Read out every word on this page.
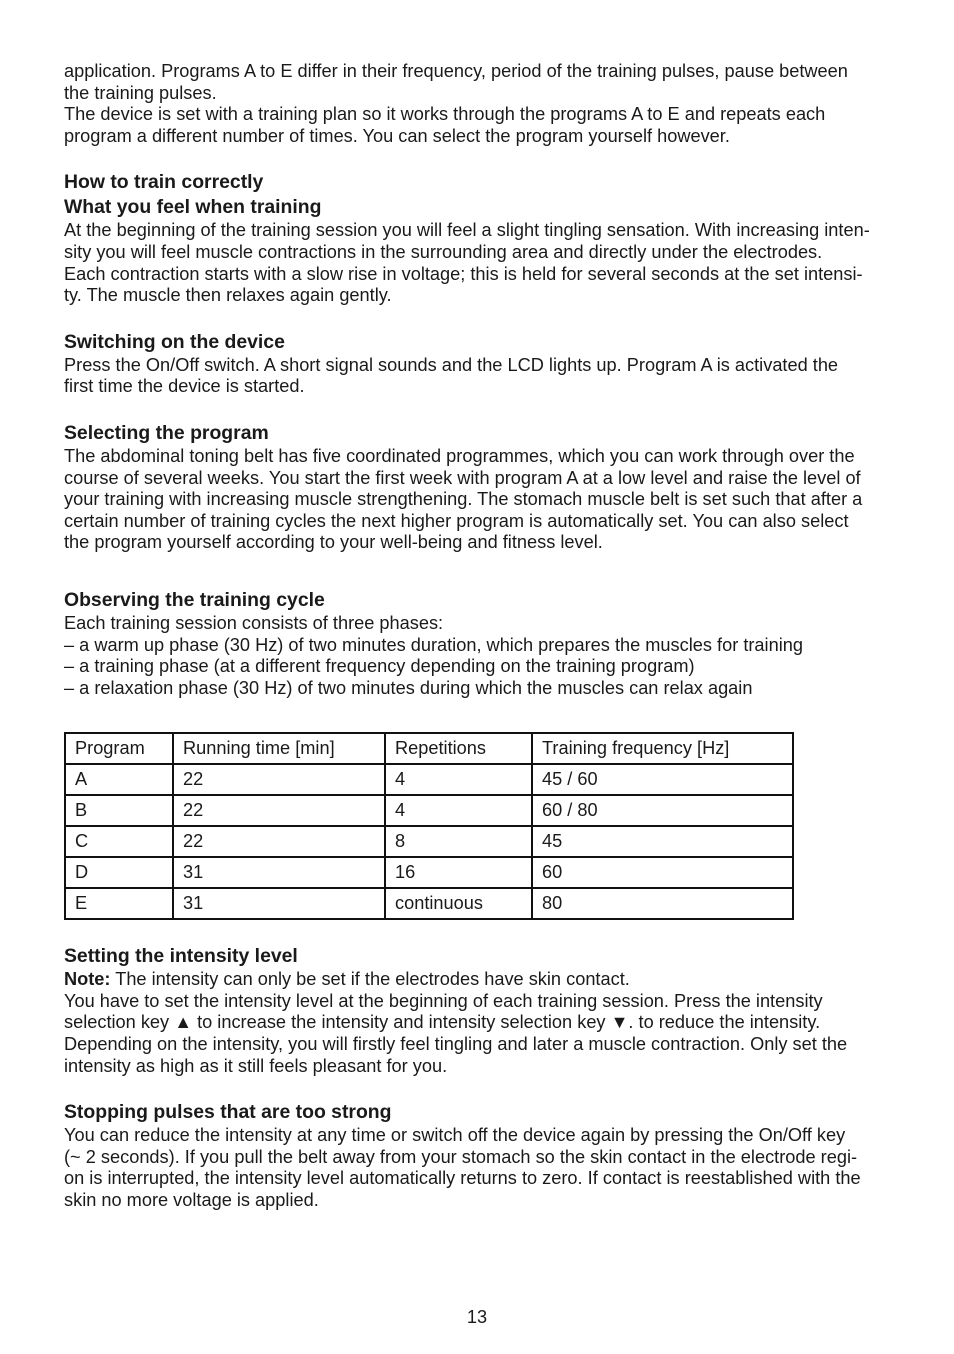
application. Programs A to E differ in their frequency, period of the training pulses, pause between
the training pulses.
The device is set with a training plan so it works through the programs A to E and repeats each
program a different number of times. You can select the program yourself however.
How to train correctly
What you feel when training
At the beginning of the training session you will feel a slight tingling sensation. With increasing inten-
sity you will feel muscle contractions in the surrounding area and directly under the electrodes.
Each contraction starts with a slow rise in voltage; this is held for several seconds at the set intensi-
ty. The muscle then relaxes again gently.
Switching on the device
Press the On/Off switch. A short signal sounds and the LCD lights up. Program A is activated the
first time the device is started.
Selecting the program
The abdominal toning belt has five coordinated programmes, which you can work through over the
course of several weeks. You start the first week with program A at a low level and raise the level of
your training with increasing muscle strengthening. The stomach muscle belt is set such that after a
certain number of training cycles the next higher program is automatically set. You can also select
the program yourself according to your well-being and fitness level.
Observing the training cycle
Each training session consists of three phases:
– a warm up phase (30 Hz) of two minutes duration, which prepares the muscles for training
– a training phase (at a different frequency depending on the training program)
– a relaxation phase (30 Hz) of two minutes during which the muscles can relax again
Program	Running time [min]	Repetitions	Training frequency [Hz]
A	22	4	45 / 60
B	22	4	60 / 80
C	22	8	45
D	31	16	60
E	31	continuous	80
Setting the intensity level
Note: The intensity can only be set if the electrodes have skin contact.
You have to set the intensity level at the beginning of each training session. Press the intensity
selection key ▲ to increase the intensity and intensity selection key ▼. to reduce the intensity.
Depending on the intensity, you will firstly feel tingling and later a muscle contraction. Only set the
intensity as high as it still feels pleasant for you.
Stopping pulses that are too strong
You can reduce the intensity at any time or switch off the device again by pressing the On/Off key
(~ 2 seconds). If you pull the belt away from your stomach so the skin contact in the electrode regi-
on is interrupted, the intensity level automatically returns to zero. If contact is reestablished with the
skin no more voltage is applied.
13
